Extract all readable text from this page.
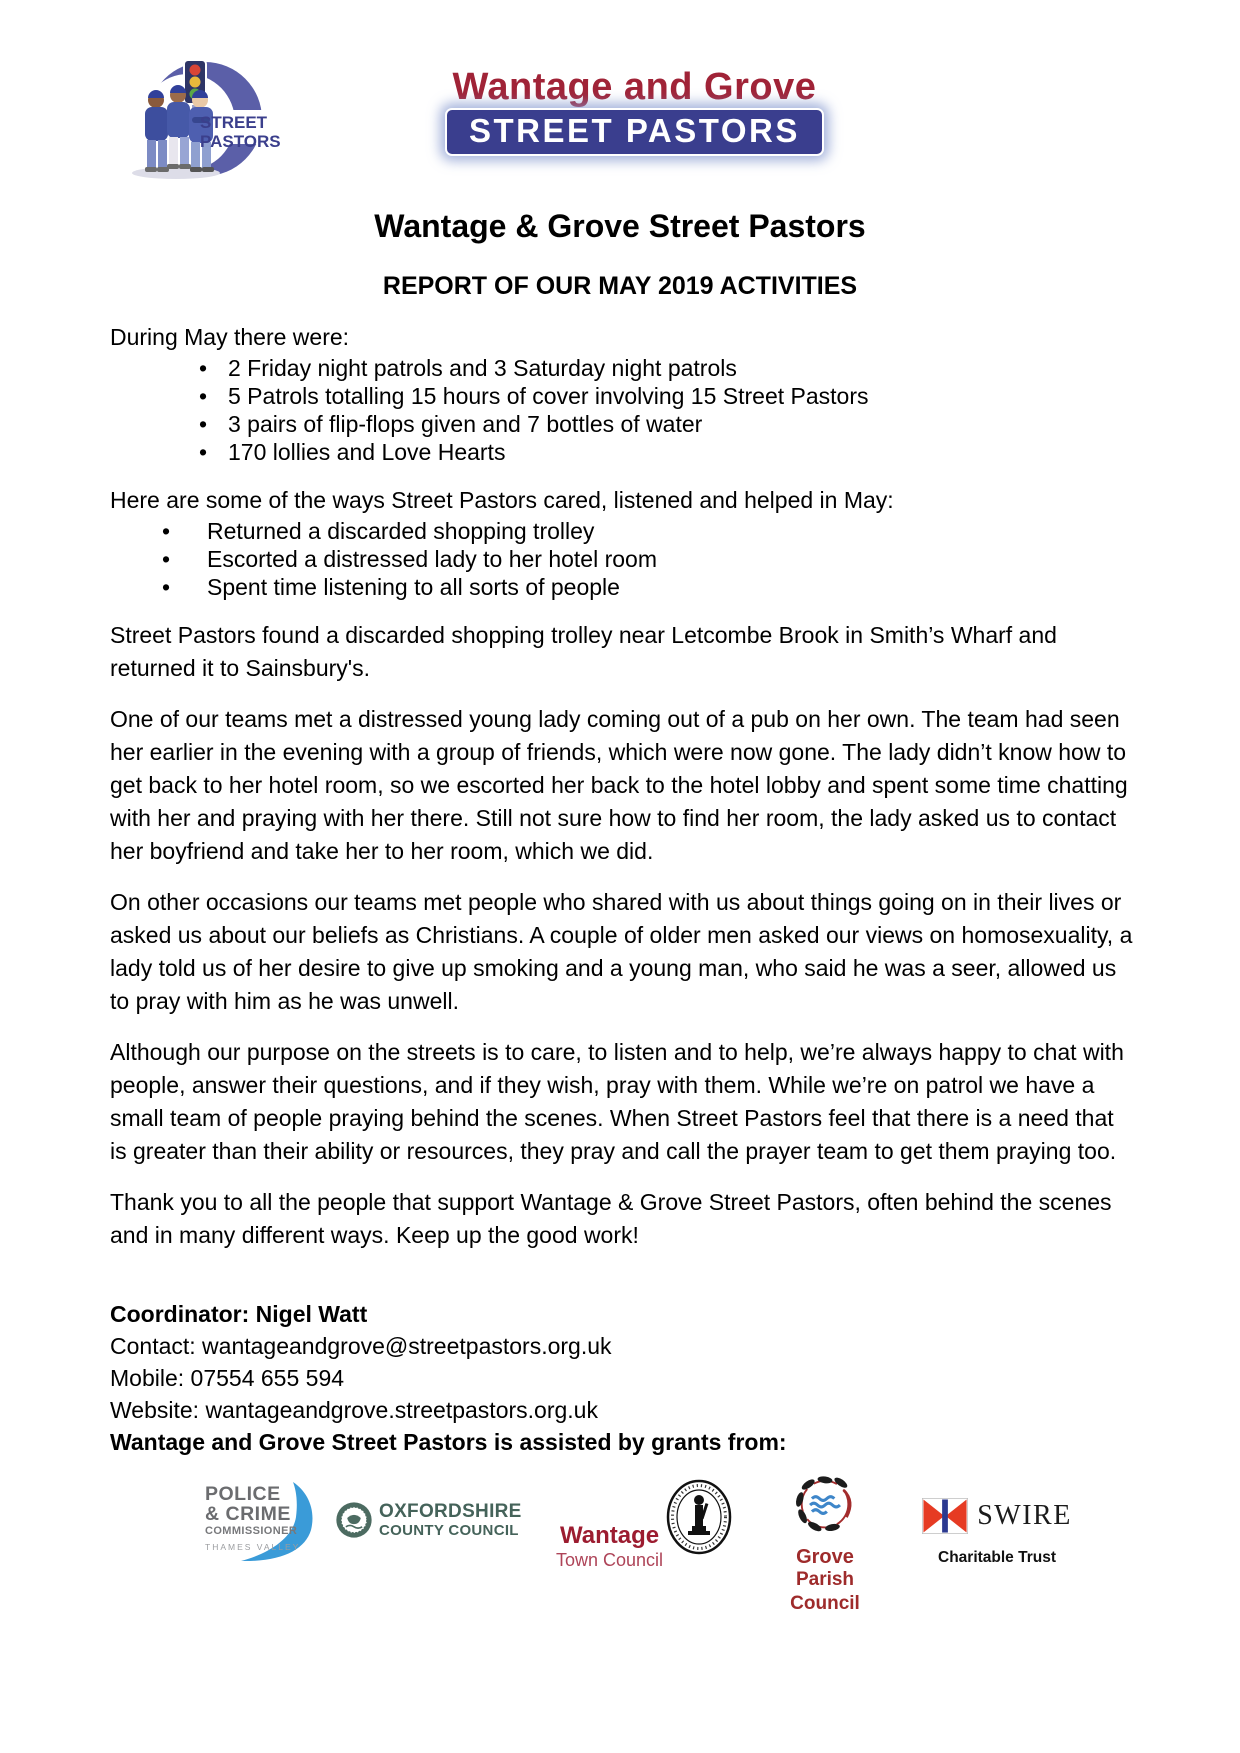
STREET
PASTORS
Wantage and Grove
STREET PASTORS
Wantage & Grove Street Pastors
REPORT OF OUR MAY 2019 ACTIVITIES

During May there were:

• 2 Friday night patrols and 3 Saturday night patrols
• 5 Patrols totalling 15 hours of cover involving 15 Street Pastors
• 3 pairs of flip-flops given and 7 bottles of water
• 170 lollies and Love Hearts

Here are some of the ways Street Pastors cared, listened and helped in May:

• Returned a discarded shopping trolley
• Escorted a distressed lady to her hotel room
• Spent time listening to all sorts of people

Street Pastors found a discarded shopping trolley near Letcombe Brook in Smith’s Wharf and returned it to Sainsbury's.

One of our teams met a distressed young lady coming out of a pub on her own. The team had seen her earlier in the evening with a group of friends, which were now gone. The lady didn’t know how to get back to her hotel room, so we escorted her back to the hotel lobby and spent some time chatting with her and praying with her there. Still not sure how to find her room, the lady asked us to contact her boyfriend and take her to her room, which we did.

On other occasions our teams met people who shared with us about things going on in their lives or asked us about our beliefs as Christians. A couple of older men asked our views on homosexuality, a lady told us of her desire to give up smoking and a young man, who said he was a seer, allowed us to pray with him as he was unwell.

Although our purpose on the streets is to care, to listen and to help, we’re always happy to chat with people, answer their questions, and if they wish, pray with them. While we’re on patrol we have a small team of people praying behind the scenes. When Street Pastors feel that there is a need that is greater than their ability or resources, they pray and call the prayer team to get them praying too.

Thank you to all the people that support Wantage & Grove Street Pastors, often behind the scenes and in many different ways. Keep up the good work!

Coordinator: Nigel Watt

Contact: wantageandgrove@streetpastors.org.uk

Mobile: 07554 655 594

Website: wantageandgrove.streetpastors.org.uk

Wantage and Grove Street Pastors is assisted by grants from:

POLICE
& CRIME
COMMISSIONER
THAMES VALLEY
OXFORDSHIRE
COUNTY COUNCIL Wantage
Town Council	Grove
Parish Council
SWIRE
Charitable Trust
